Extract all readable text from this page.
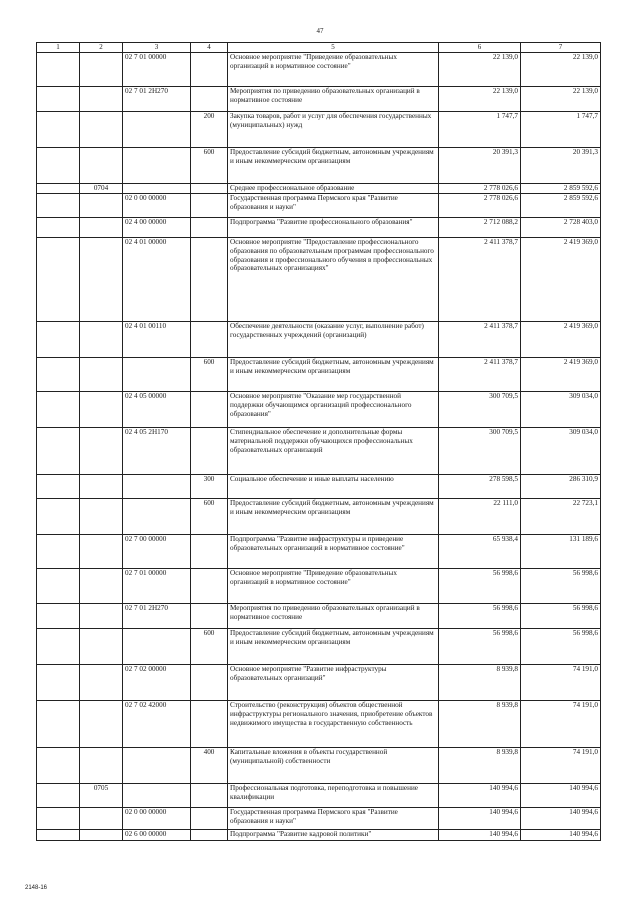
47
1	2	3	4	5	6	7
		02 7 01 00000		Основное мероприятие "Приведение образовательных организаций в нормативное состояние"	22 139,0	22 139,0
		02 7 01 2Н270		Мероприятия по приведению образовательных организаций в нормативное состояние	22 139,0	22 139,0
			200	Закупка товаров, работ и услуг для обеспечения государственных (муниципальных) нужд	1 747,7	1 747,7
			600	Предоставление субсидий бюджетным, автономным учреждениям и иным некоммерческим организациям	20 391,3	20 391,3
	0704			Среднее профессиональное образование	2 778 026,6	2 859 592,6
		02 0 00 00000		Государственная программа Пермского края "Развитие образования и науки"	2 778 026,6	2 859 592,6
		02 4 00 00000		Подпрограмма "Развитие профессионального образования"	2 712 088,2	2 728 403,0
		02 4 01 00000		Основное мероприятие "Предоставление профессионального образования по образовательным программам профессионального образования и профессионального обучения в профессиональных образовательных организациях"	2 411 378,7	2 419 369,0
		02 4 01 00110		Обеспечение деятельности (оказание услуг, выполнение работ) государственных учреждений (организаций)	2 411 378,7	2 419 369,0
			600	Предоставление субсидий бюджетным, автономным учреждениям и иным некоммерческим организациям	2 411 378,7	2 419 369,0
		02 4 05 00000		Основное мероприятие "Оказание мер государственной поддержки обучающимся организаций профессионального образования"	300 709,5	309 034,0
		02 4 05 2Н170		Стипендиальное обеспечение и дополнительные формы материальной поддержки обучающихся профессиональных образовательных организаций	300 709,5	309 034,0
			300	Социальное обеспечение и иные выплаты населению	278 598,5	286 310,9
			600	Предоставление субсидий бюджетным, автономным учреждениям и иным некоммерческим организациям	22 111,0	22 723,1
		02 7 00 00000		Подпрограмма "Развитие инфраструктуры и приведение образовательных организаций в нормативное состояние"	65 938,4	131 189,6
		02 7 01 00000		Основное мероприятие "Приведение образовательных организаций в нормативное состояние"	56 998,6	56 998,6
		02 7 01 2Н270		Мероприятия по приведению образовательных организаций в нормативное состояние	56 998,6	56 998,6
			600	Предоставление субсидий бюджетным, автономным учреждениям и иным некоммерческим организациям	56 998,6	56 998,6
		02 7 02 00000		Основное мероприятие "Развитие инфраструктуры образовательных организаций"	8 939,8	74 191,0
		02 7 02 42000		Строительство (реконструкция) объектов общественной инфраструктуры регионального значения, приобретение объектов недвижимого имущества в государственную собственность	8 939,8	74 191,0
			400	Капитальные вложения в объекты государственной (муниципальной) собственности	8 939,8	74 191,0
	0705			Профессиональная подготовка, переподготовка и повышение квалификации	140 994,6	140 994,6
		02 0 00 00000		Государственная программа Пермского края "Развитие образования и науки"	140 994,6	140 994,6
		02 6 00 00000		Подпрограмма "Развитие кадровой политики"	140 994,6	140 994,6
2148-16
